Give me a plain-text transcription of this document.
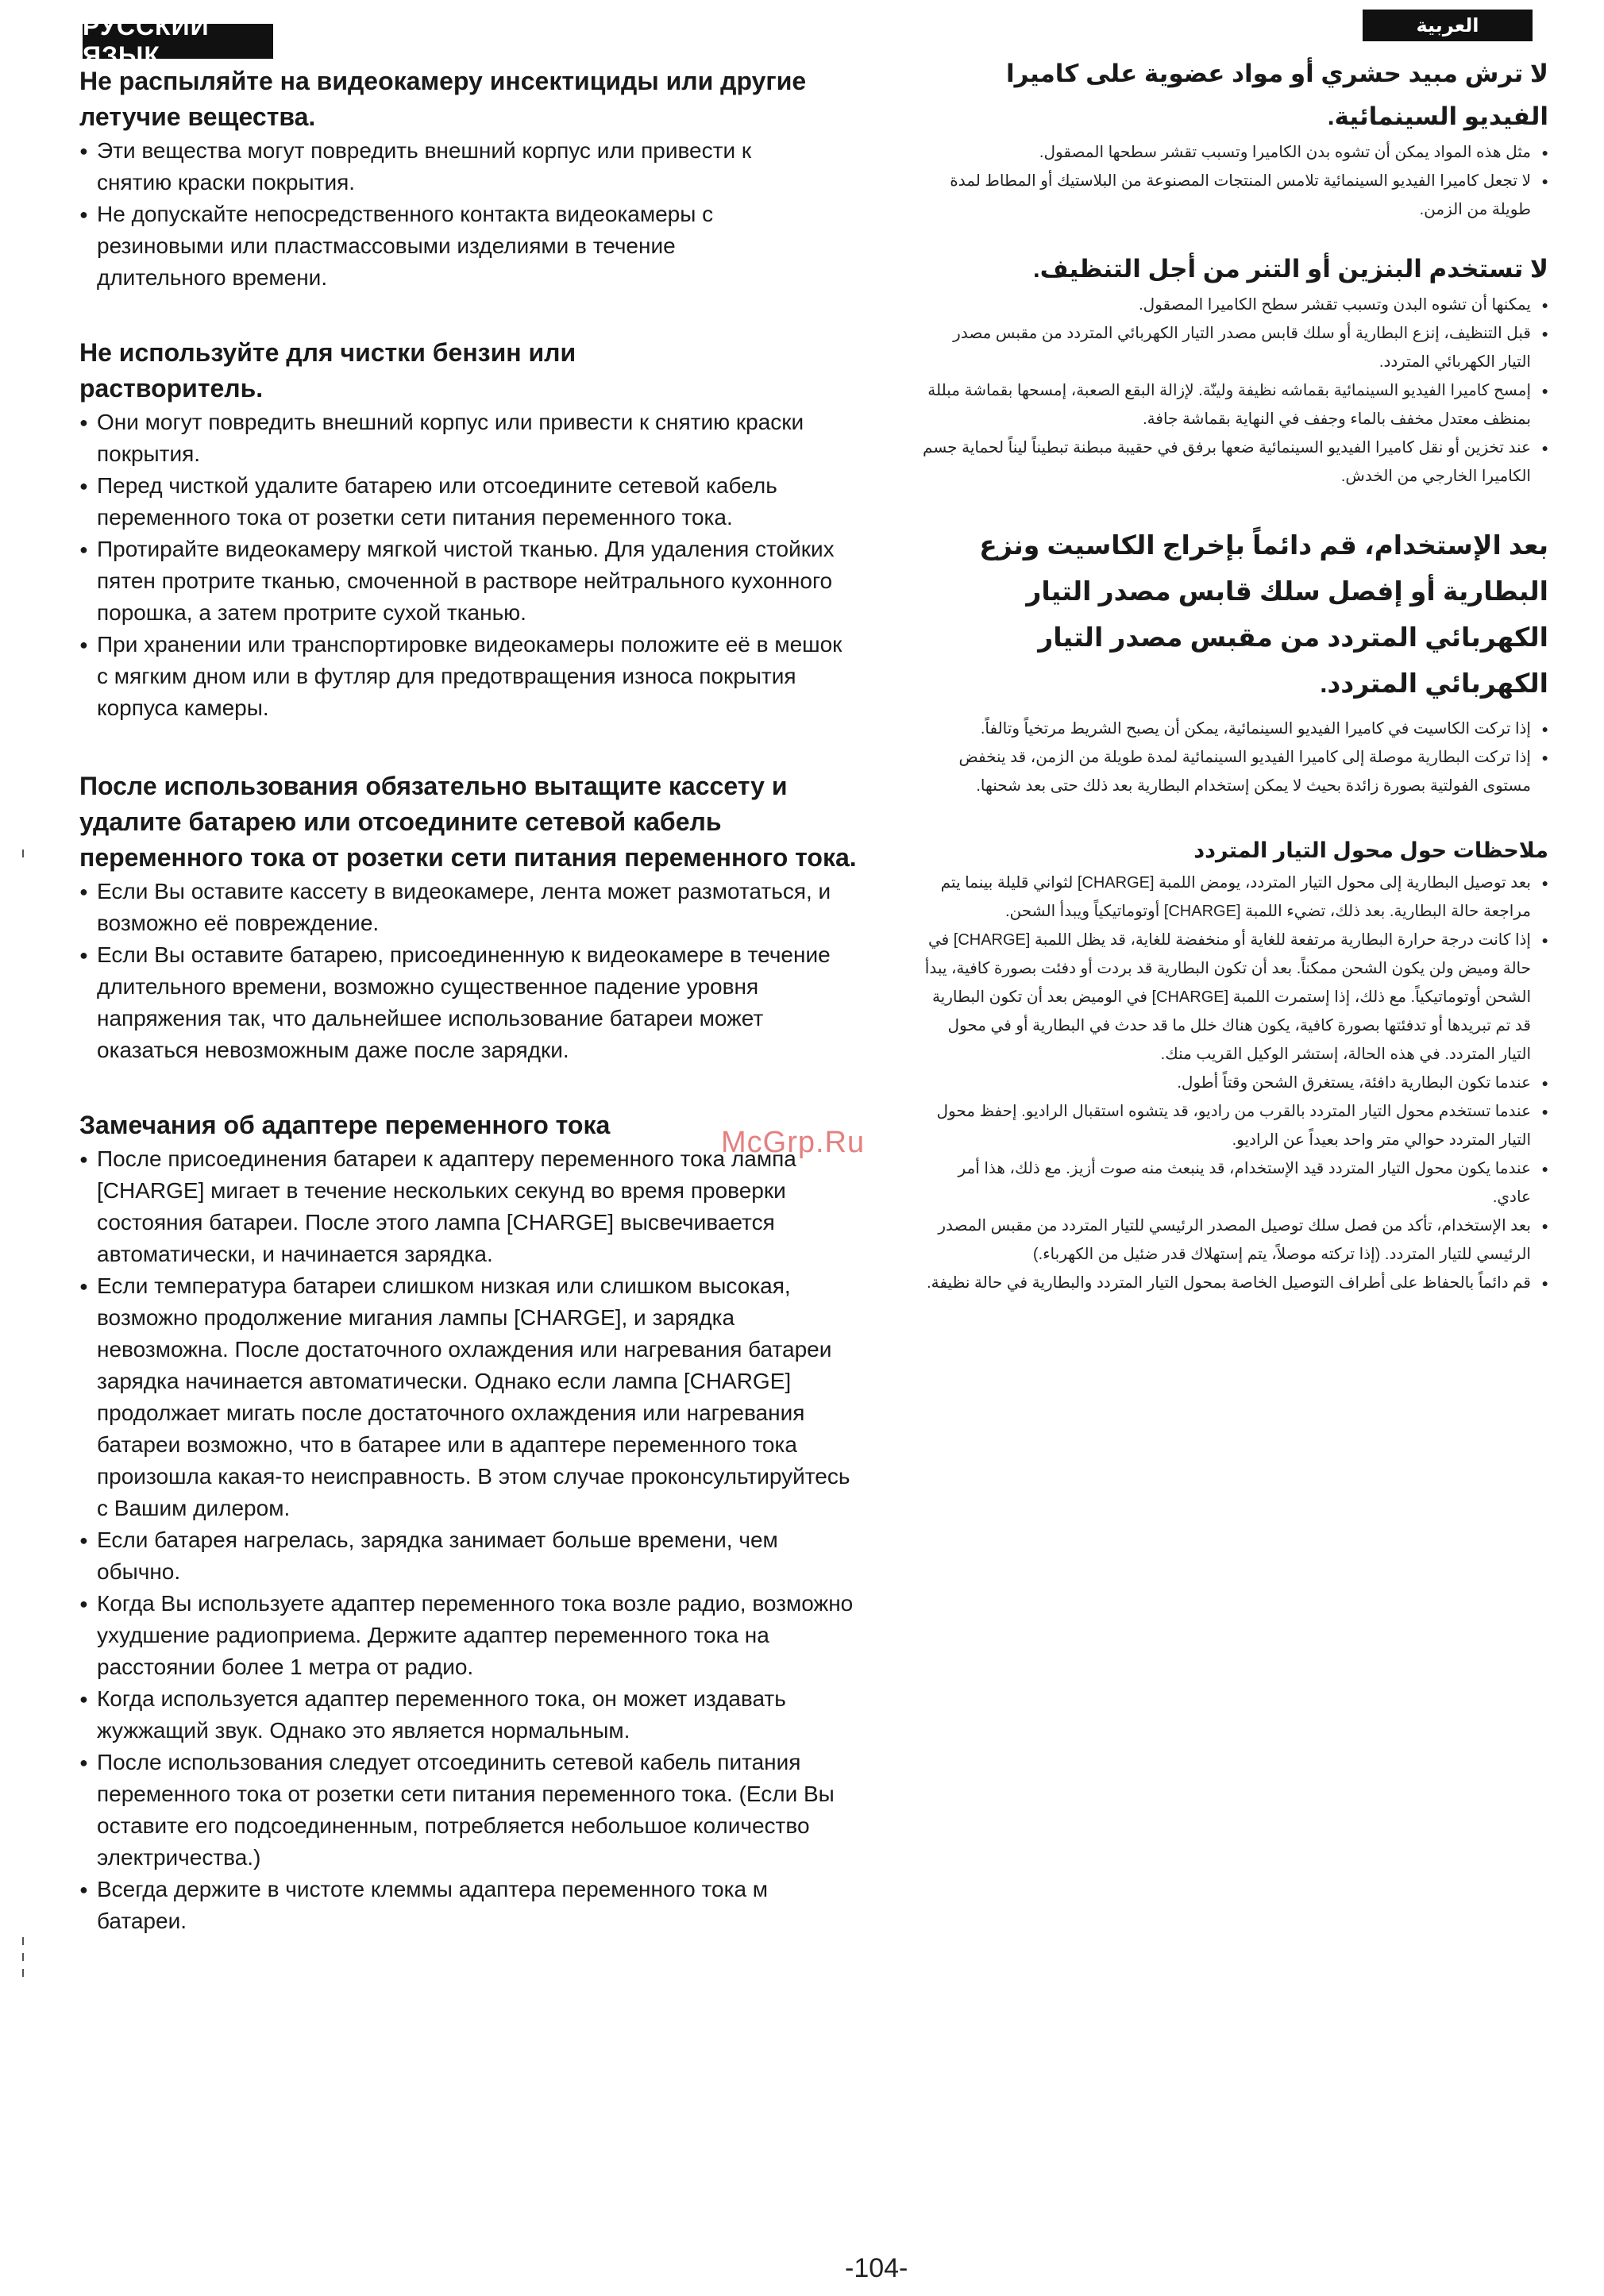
РУССКИЙ ЯЗЫК
العربية
Не распыляйте на видеокамеру инсектициды или другие летучие вещества.
● Эти вещества могут повредить внешний корпус или привести к снятию краски покрытия.
● Не допускайте непосредственного контакта видеокамеры с резиновыми или пластмассовыми изделиями в течение длительного времени.
Не используйте для чистки бензин или растворитель.
● Они могут повредить внешний корпус или привести к снятию краски покрытия.
● Перед чисткой удалите батарею или отсоедините сетевой кабель переменного тока от розетки сети питания переменного тока.
● Протирайте видеокамеру мягкой чистой тканью. Для удаления стойких пятен протрите тканью, смоченной в растворе нейтрального кухонного порошка, а затем протрите сухой тканью.
● При хранении или транспортировке видеокамеры положите её в мешок с мягким дном или в футляр для предотвращения износа покрытия корпуса камеры.
После использования обязательно вытащите кассету и удалите батарею или отсоедините сетевой кабель переменного тока от розетки сети питания переменного тока.
● Если Вы оставите кассету в видеокамере, лента может размотаться, и возможно её повреждение.
● Если Вы оставите батарею, присоединенную к видеокамере в течение длительного времени, возможно существенное падение уровня напряжения так, что дальнейшее использование батареи может оказаться невозможным даже после зарядки.
Замечания об адаптере переменного тока
● После присоединения батареи к адаптеру переменного тока лампа [CHARGE] мигает в течение нескольких секунд во время проверки состояния батареи. После этого лампа [CHARGE] высвечивается автоматически, и начинается зарядка.
● Если температура батареи слишком низкая или слишком высокая, возможно продолжение мигания лампы [CHARGE], и зарядка невозможна. После достаточного охлаждения или нагревания батареи зарядка начинается автоматически. Однако если лампа [CHARGE] продолжает мигать после достаточного охлаждения или нагревания батареи возможно, что в батарее или в адаптере переменного тока произошла какая-то неисправность. В этом случае проконсультируйтесь с Вашим дилером.
● Если батарея нагрелась, зарядка занимает больше времени, чем обычно.
● Когда Вы используете адаптер переменного тока возле радио, возможно ухудшение радиоприема. Держите адаптер переменного тока на расстоянии более 1 метра от радио.
● Когда используется адаптер переменного тока, он может издавать жужжащий звук. Однако это является нормальным.
● После использования следует отсоединить сетевой кабель питания переменного тока от розетки сети питания переменного тока. (Если Вы оставите его подсоединенным, потребляется небольшое количество электричества.)
● Всегда держите в чистоте клеммы адаптера переменного тока м батареи.
لا ترش مبيد حشري أو مواد عضوية على كاميرا الفيديو السينمائية.
● مثل هذه المواد يمكن أن تشوه بدن الكاميرا وتسبب تقشر سطحها المصقول.
● لا تجعل كاميرا الفيديو السينمائية تلامس المنتجات المصنوعة من البلاستيك أو المطاط لمدة طويلة من الزمن.
لا تستخدم البنزين أو التنر من أجل التنظيف.
● يمكنها أن تشوه البدن وتسبب تقشر سطح الكاميرا المصقول.
● قبل التنظيف، إنزع البطارية أو سلك قابس مصدر التيار الكهربائي المتردد من مقبس مصدر التيار الكهربائي المتردد.
● إمسح كاميرا الفيديو السينمائية بقماشه نظيفة ولينّة. لإزالة البقع الصعبة، إمسحها بقماشة مبللة بمنظف معتدل مخفف بالماء وجفف في النهاية بقماشة جافة.
● عند تخزين أو نقل كاميرا الفيديو السينمائية ضعها برفق في حقيبة مبطنة تبطيناً ليناً لحماية جسم الكاميرا الخارجي من الخدش.
بعد الإستخدام، قم دائماً بإخراج الكاسيت ونزع البطارية أو إفصل سلك قابس مصدر التيار الكهربائي المتردد من مقبس مصدر التيار الكهربائي المتردد.
● إذا تركت الكاسيت في كاميرا الفيديو السينمائية، يمكن أن يصبح الشريط مرتخياً وتالفاً.
● إذا تركت البطارية موصلة إلى كاميرا الفيديو السينمائية لمدة طويلة من الزمن، قد ينخفض مستوى الفولتية بصورة زائدة بحيث لا يمكن إستخدام البطارية بعد ذلك حتى بعد شحنها.
ملاحظات حول محول التيار المتردد
● بعد توصيل البطارية إلى محول التيار المتردد، يومض اللمبة [CHARGE] لثواني قليلة بينما يتم مراجعة حالة البطارية. بعد ذلك، تضيء اللمبة [CHARGE] أوتوماتيكياً ويبدأ الشحن.
● إذا كانت درجة حرارة البطارية مرتفعة للغاية أو منخفضة للغاية، قد يظل اللمبة [CHARGE] في حالة وميض ولن يكون الشحن ممكناً. بعد أن تكون البطارية قد بردت أو دفئت بصورة كافية، يبدأ الشحن أوتوماتيكياً. مع ذلك، إذا إستمرت اللمبة [CHARGE] في الوميض بعد أن تكون البطارية قد تم تبريدها أو تدفئتها بصورة كافية، يكون هناك خلل ما قد حدث في البطارية أو في محول التيار المتردد. في هذه الحالة، إستشر الوكيل القريب منك.
● عندما تكون البطارية دافئة، يستغرق الشحن وقتاً أطول.
● عندما تستخدم محول التيار المتردد بالقرب من راديو، قد يتشوه استقبال الراديو. إحفظ محول التيار المتردد حوالي متر واحد بعيداً عن الراديو.
● عندما يكون محول التيار المتردد قيد الإستخدام، قد ينبعث منه صوت أزيز. مع ذلك، هذا أمر عادي.
● بعد الإستخدام، تأكد من فصل سلك توصيل المصدر الرئيسي للتيار المتردد من مقبس المصدر الرئيسي للتيار المتردد. (إذا تركته موصلاً، يتم إستهلاك قدر ضئيل من الكهرباء.)
● قم دائماً بالحفاظ على أطراف التوصيل الخاصة بمحول التيار المتردد والبطارية في حالة نظيفة.
McGrp.Ru
-104-
